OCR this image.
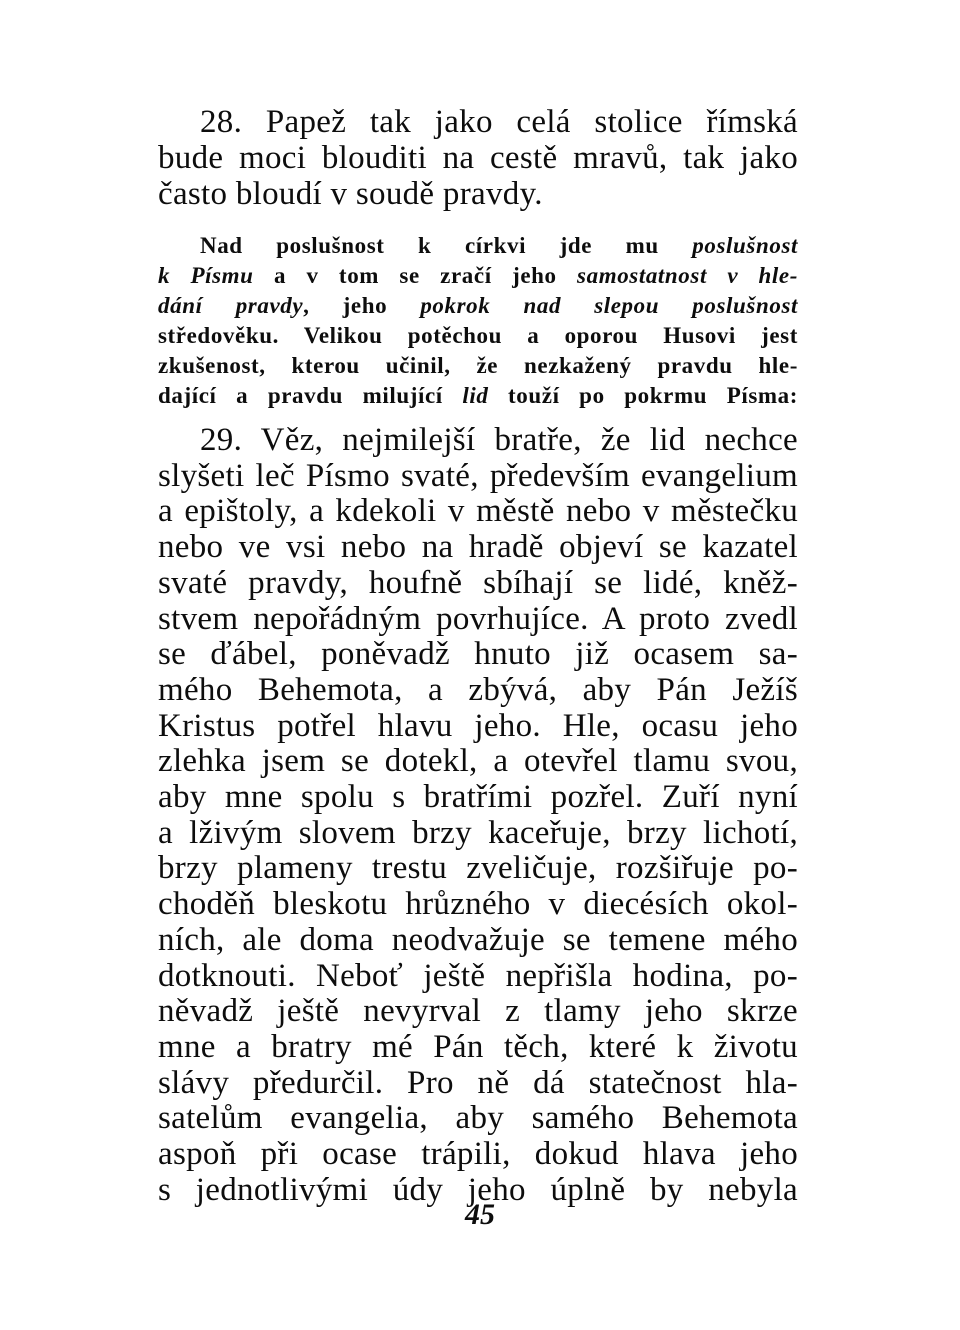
28. Papež tak jako celá stolice římská

bude moci blouditi na cestě mravů, tak jako

často bloudí v soudě pravdy.

Nad poslušnost k církvi jde mu poslušnost

k Písmu a v tom se zračí jeho samostatnost v hle-

dání pravdy, jeho pokrok nad slepou poslušnost

středověku. Velikou potěchou a oporou Husovi jest

zkušenost, kterou učinil, že nezkažený pravdu hle-

dající a pravdu milující lid touží po pokrmu Písma:

29. Věz, nejmilejší bratře, že lid nechce

slyšeti leč Písmo svaté, především evangelium

a epištoly, a kdekoli v městě nebo v městečku

nebo ve vsi nebo na hradě objeví se kazatel

svaté pravdy, houfně sbíhají se lidé, kněž-

stvem nepořádným povrhujíce. A proto zvedl

se ďábel, poněvadž hnuto již ocasem sa-

mého Behemota, a zbývá, aby Pán Ježíš

Kristus potřel hlavu jeho. Hle, ocasu jeho

zlehka jsem se dotekl, a otevřel tlamu svou,

aby mne spolu s bratřími pozřel. Zuří nyní

a lživým slovem brzy kaceřuje, brzy lichotí,

brzy plameny trestu zveličuje, rozšiřuje po-

choděň bleskotu hrůzného v diecésích okol-

ních, ale doma neodvažuje se temene mého

dotknouti. Neboť ještě nepřišla hodina, po-

něvadž ještě nevyrval z tlamy jeho skrze

mne a bratry mé Pán těch, které k životu

slávy předurčil. Pro ně dá statečnost hla-

satelům evangelia, aby samého Behemota

aspoň při ocase trápili, dokud hlava jeho

s jednotlivými údy jeho úplně by nebyla

45
